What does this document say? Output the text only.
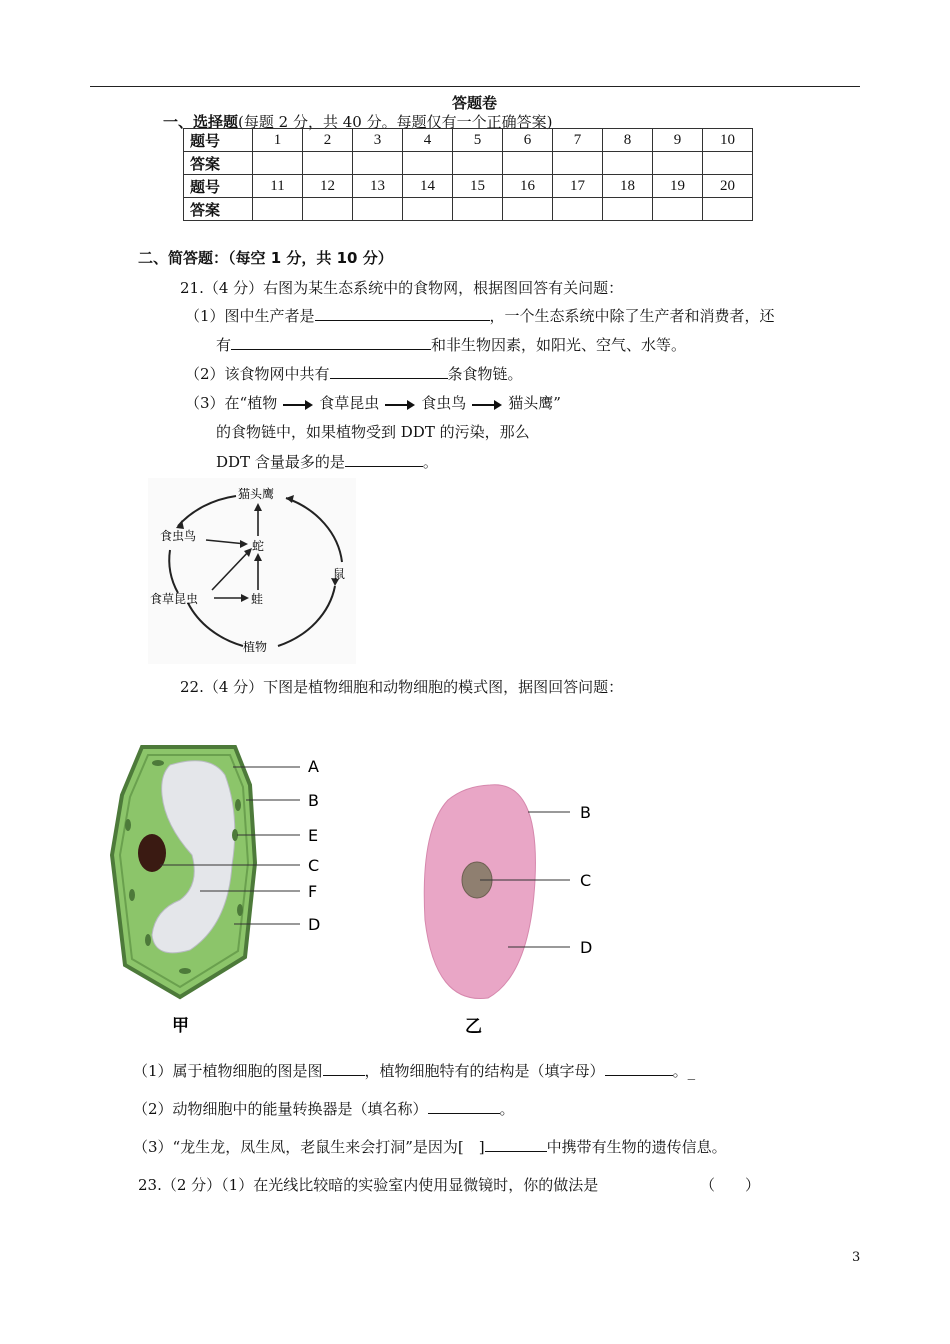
答题卷
一、选择题(每题 2 分，共 40 分。每题仅有一个正确答案)
题号	1	2	3	4	5	6	7	8	9	10
答案										
题号	11	12	13	14	15	16	17	18	19	20
答案										
二、简答题：（每空 1 分，共 10 分）
21.（4 分）右图为某生态系统中的食物网，根据图回答有关问题：
（1）图中生产者是	，一个生态系统中除了生产者和消费者，还
有	和非生物因素，如阳光、空气、水等。
（2）该食物网中共有	条食物链。
（3）在“植物	食草昆虫	食虫鸟	猫头鹰”
的食物链中，如果植物受到 DDT 的污染，那么
DDT 含量最多的是	。
猫头鹰
食虫鸟
蛇
鼠
食草昆虫	蛙
植物
22.（4 分）下图是植物细胞和动物细胞的模式图，据图回答问题：
A
B
E
C
F
D
甲
B
C
D
乙
（1）属于植物细胞的图是图	，植物细胞特有的结构是（填字母）	。_
（2）动物细胞中的能量转换器是（填名称）	。
（3）“龙生龙，凤生凤，老鼠生来会打洞”是因为[　]	中携带有生物的遗传信息。
23.（2 分）（1）在光线比较暗的实验室内使用显微镜时，你的做法是	（　　）
3
